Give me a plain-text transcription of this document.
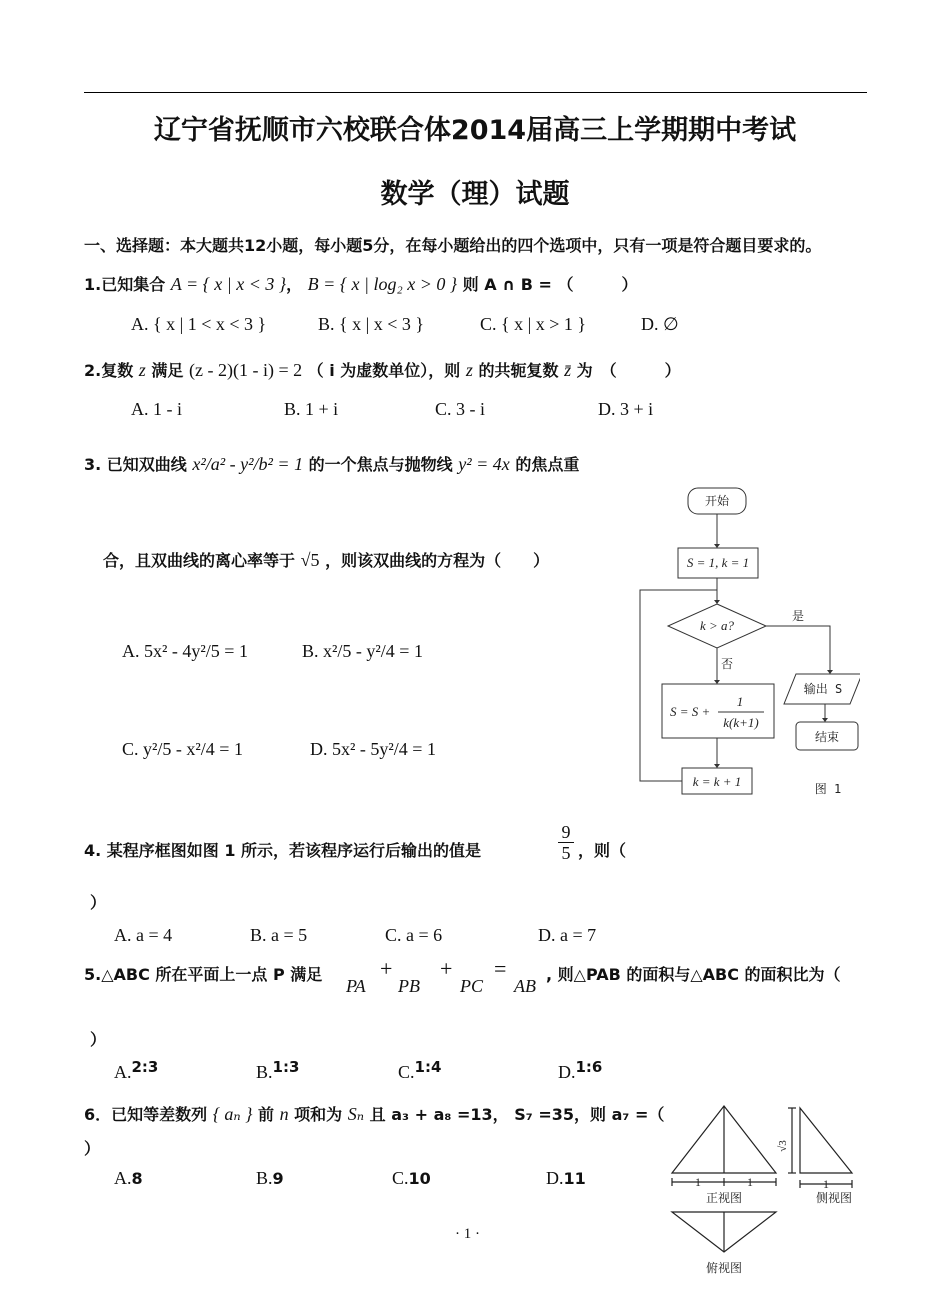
辽宁省抚顺市六校联合体2014届高三上学期期中考试
数学（理）试题
一、选择题：本大题共12小题，每小题5分，在每小题给出的四个选项中，只有一项是符合题目要求的。
1.已知集合 A = { x | x < 3 }， B = { x | log₂ x > 0 } 则 A ∩ B = （　　　）
A. { x | 1 < x < 3 }	B. { x | x < 3 }	C. { x | x > 1 }	D. ∅
2.复数 z 满足 (z - 2)(1 - i) = 2 （ i 为虚数单位），则 z 的共轭复数 z̄ 为　（　　　）
A. 1 - i	B. 1 + i	C. 3 - i	D. 3 + i
3. 已知双曲线 x²/a² - y²/b² = 1 的一个焦点与抛物线 y² = 4x 的焦点重
合，且双曲线的离心率等于 √5 ，则该双曲线的方程为（　　）
A. 5x² - 4y²/5 = 1	B. x²/5 - y²/4 = 1
C. y²/5 - x²/4 = 1	D. 5x² - 5y²/4 = 1
开始
S = 1, k = 1
k > a?
是
否
S = S +
1
k(k+1)
k = k + 1
输出 S
结束
图 1
4. 某程序框图如图 1 所示，若该程序运行后输出的值是	$\frac{9}{5}$ ，则（
）
A. a = 4	B. a = 5	C. a = 6	D. a = 7
5.△ABC 所在平面上一点 P 满足
PA
+
PB
+
PC
=
AB
, 则△PAB 的面积与△ABC 的面积比为（
）
A.2:3	B.1:3	C.1:4	D.1:6
6．已知等差数列 { aₙ } 前 n 项和为 Sₙ 且 a₃ + a₈ =13， S₇ =35，则 a₇ =（
）
A.8	B.9	C.10	D.11	1	1	1
√3
正视图	侧视图
俯视图
· 1 ·
